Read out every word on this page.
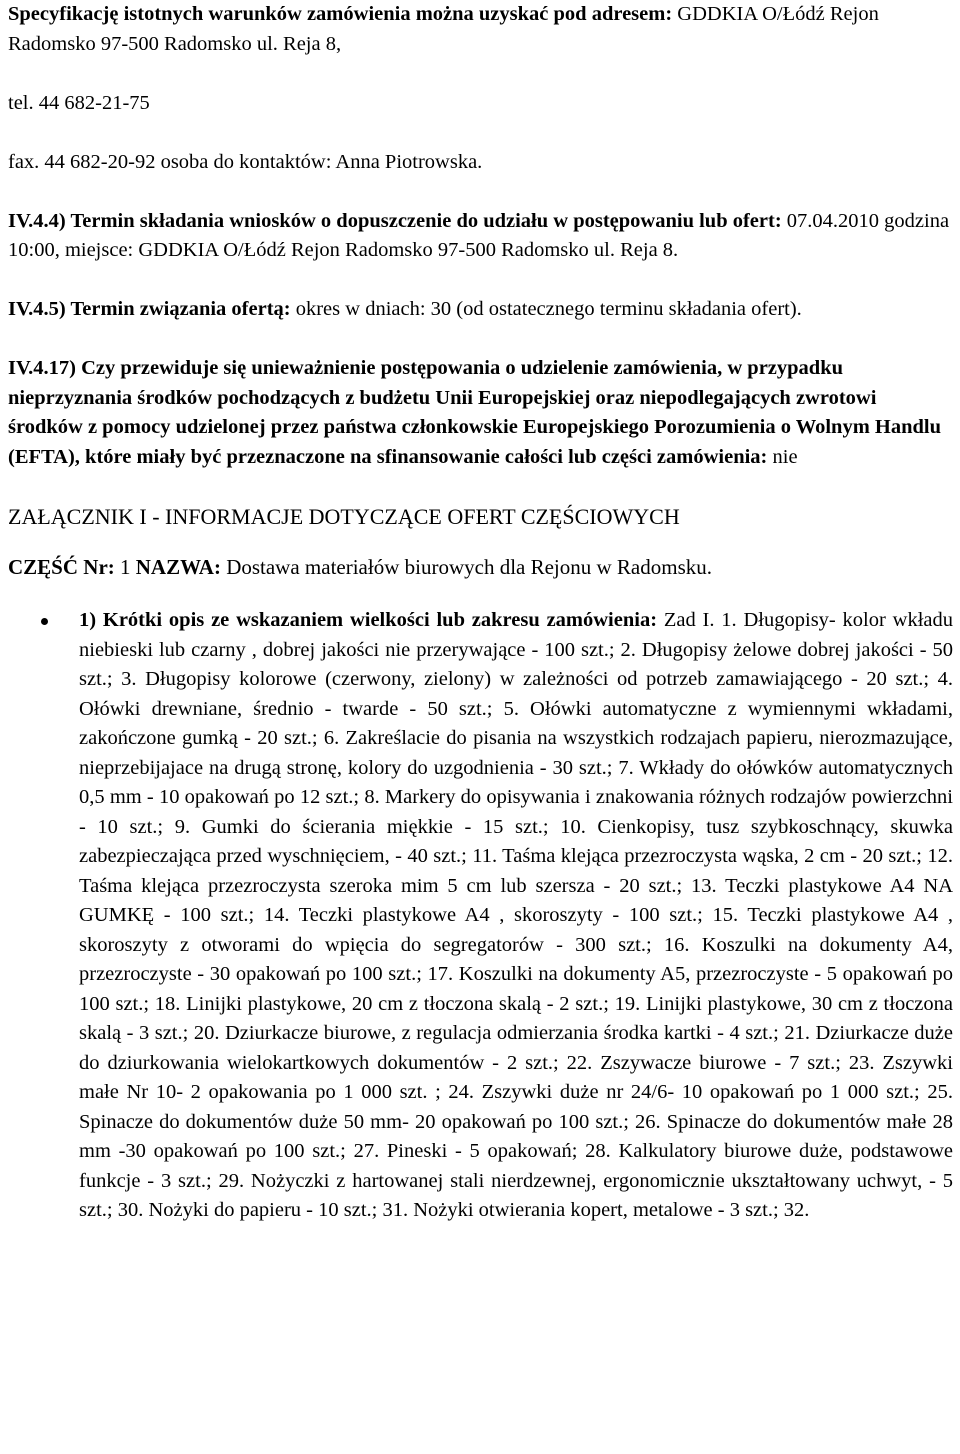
Specyfikację istotnych warunków zamówienia można uzyskać pod adresem: GDDKIA O/Łódź Rejon Radomsko 97-500 Radomsko ul. Reja 8,

tel. 44 682-21-75

fax. 44 682-20-92 osoba do kontaktów: Anna Piotrowska.

IV.4.4) Termin składania wniosków o dopuszczenie do udziału w postępowaniu lub ofert: 07.04.2010 godzina 10:00, miejsce: GDDKIA O/Łódź Rejon Radomsko 97-500 Radomsko ul. Reja 8.

IV.4.5) Termin związania ofertą: okres w dniach: 30 (od ostatecznego terminu składania ofert).

IV.4.17) Czy przewiduje się unieważnienie postępowania o udzielenie zamówienia, w przypadku nieprzyznania środków pochodzących z budżetu Unii Europejskiej oraz niepodlegających zwrotowi środków z pomocy udzielonej przez państwa członkowskie Europejskiego Porozumienia o Wolnym Handlu (EFTA), które miały być przeznaczone na sfinansowanie całości lub części zamówienia: nie

ZAŁĄCZNIK I - INFORMACJE DOTYCZĄCE OFERT CZĘŚCIOWYCH

CZĘŚĆ Nr: 1 NAZWA: Dostawa materiałów biurowych dla Rejonu w Radomsku.

1) Krótki opis ze wskazaniem wielkości lub zakresu zamówienia: Zad I. 1. Długopisy- kolor wkładu niebieski lub czarny , dobrej jakości nie przerywające - 100 szt.; 2. Długopisy żelowe dobrej jakości - 50 szt.; 3. Długopisy kolorowe (czerwony, zielony) w zależności od potrzeb zamawiającego - 20 szt.; 4. Ołówki drewniane, średnio - twarde - 50 szt.; 5. Ołówki automatyczne z wymiennymi wkładami, zakończone gumką - 20 szt.; 6. Zakreślacie do pisania na wszystkich rodzajach papieru, nierozmazujące, nieprzebijajace na drugą stronę, kolory do uzgodnienia - 30 szt.; 7. Wkłady do ołówków automatycznych 0,5 mm - 10 opakowań po 12 szt.; 8. Markery do opisywania i znakowania różnych rodzajów powierzchni - 10 szt.; 9. Gumki do ścierania miękkie - 15 szt.; 10. Cienkopisy, tusz szybkoschnący, skuwka zabezpieczająca przed wyschnięciem, - 40 szt.; 11. Taśma klejąca przezroczysta wąska, 2 cm - 20 szt.; 12. Taśma klejąca przezroczysta szeroka mim 5 cm lub szersza - 20 szt.; 13. Teczki plastykowe A4 NA GUMKĘ - 100 szt.; 14. Teczki plastykowe A4 , skoroszyty - 100 szt.; 15. Teczki plastykowe A4 , skoroszyty z otworami do wpięcia do segregatorów - 300 szt.; 16. Koszulki na dokumenty A4, przezroczyste - 30 opakowań po 100 szt.; 17. Koszulki na dokumenty A5, przezroczyste - 5 opakowań po 100 szt.; 18. Linijki plastykowe, 20 cm z tłoczona skalą - 2 szt.; 19. Linijki plastykowe, 30 cm z tłoczona skalą - 3 szt.; 20. Dziurkacze biurowe, z regulacja odmierzania środka kartki - 4 szt.; 21. Dziurkacze duże do dziurkowania wielokartkowych dokumentów - 2 szt.; 22. Zszywacze biurowe - 7 szt.; 23. Zszywki małe Nr 10- 2 opakowania po 1 000 szt. ; 24. Zszywki duże nr 24/6- 10 opakowań po 1 000 szt.; 25. Spinacze do dokumentów duże 50 mm- 20 opakowań po 100 szt.; 26. Spinacze do dokumentów małe 28 mm -30 opakowań po 100 szt.; 27. Pineski - 5 opakowań; 28. Kalkulatory biurowe duże, podstawowe funkcje - 3 szt.; 29. Nożyczki z hartowanej stali nierdzewnej, ergonomicznie ukształtowany uchwyt, - 5 szt.; 30. Nożyki do papieru - 10 szt.; 31. Nożyki otwierania kopert, metalowe - 3 szt.; 32.
